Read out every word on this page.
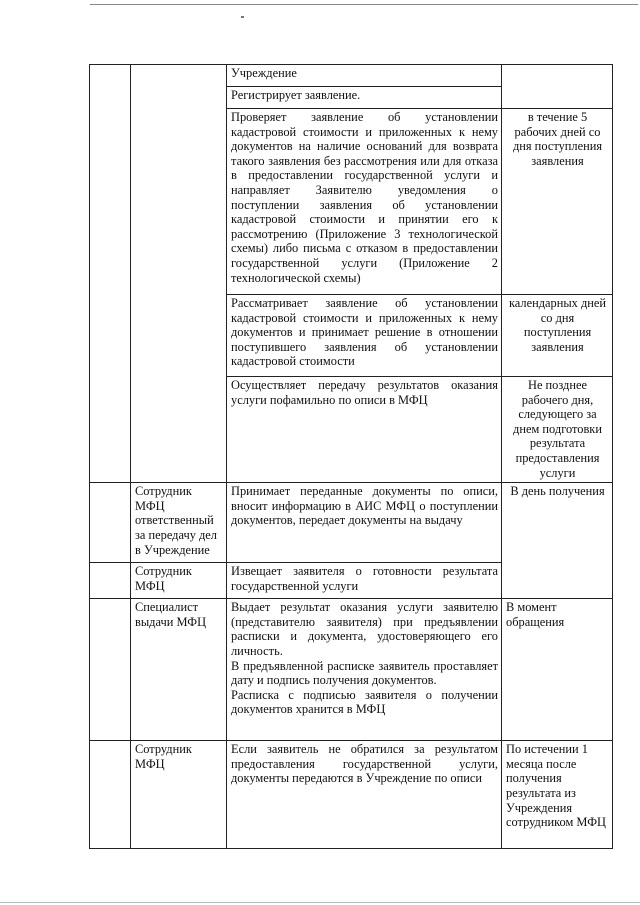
		Учреждение	
		Регистрирует заявление.	
		Проверяет заявление об установлении кадастровой стоимости и приложенных к нему документов на наличие оснований для возврата такого заявления без рассмотрения или для отказа в предоставлении государственной услуги и направляет Заявителю уведомления о поступлении заявления об установлении кадастровой стоимости и принятии его к рассмотрению (Приложение 3 технологической схемы) либо письма с отказом в предоставлении государственной услуги (Приложение 2 технологической схемы)	в течение 5 рабочих дней со дня поступления заявления
		Рассматривает заявление об установлении кадастровой стоимости и приложенных к нему документов и принимает решение в отношении поступившего заявления об установлении кадастровой стоимости	календарных дней со дня поступления заявления
		Осуществляет передачу результатов оказания услуги пофамильно по описи в МФЦ	Не позднее рабочего дня, следующего за днем подготовки результата предоставления услуги
	Сотрудник МФЦ ответственный за передачу дел в Учреждение	Принимает переданные документы по описи, вносит информацию в АИС МФЦ о поступлении документов, передает документы на выдачу	В день получения
	Сотрудник МФЦ	Извещает заявителя о готовности результата государственной услуги	
	Специалист выдачи МФЦ	Выдает результат оказания услуги заявителю (представителю заявителя) при предъявлении расписки и документа, удостоверяющего его личность.
В предъявленной расписке заявитель проставляет дату и подпись получения документов.
Расписка с подписью заявителя о получении документов хранится в МФЦ	В момент обращения
	Сотрудник МФЦ	Если заявитель не обратился за результатом предоставления государственной услуги, документы передаются в Учреждение по описи	По истечении 1 месяца после получения результата из Учреждения сотрудником МФЦ
